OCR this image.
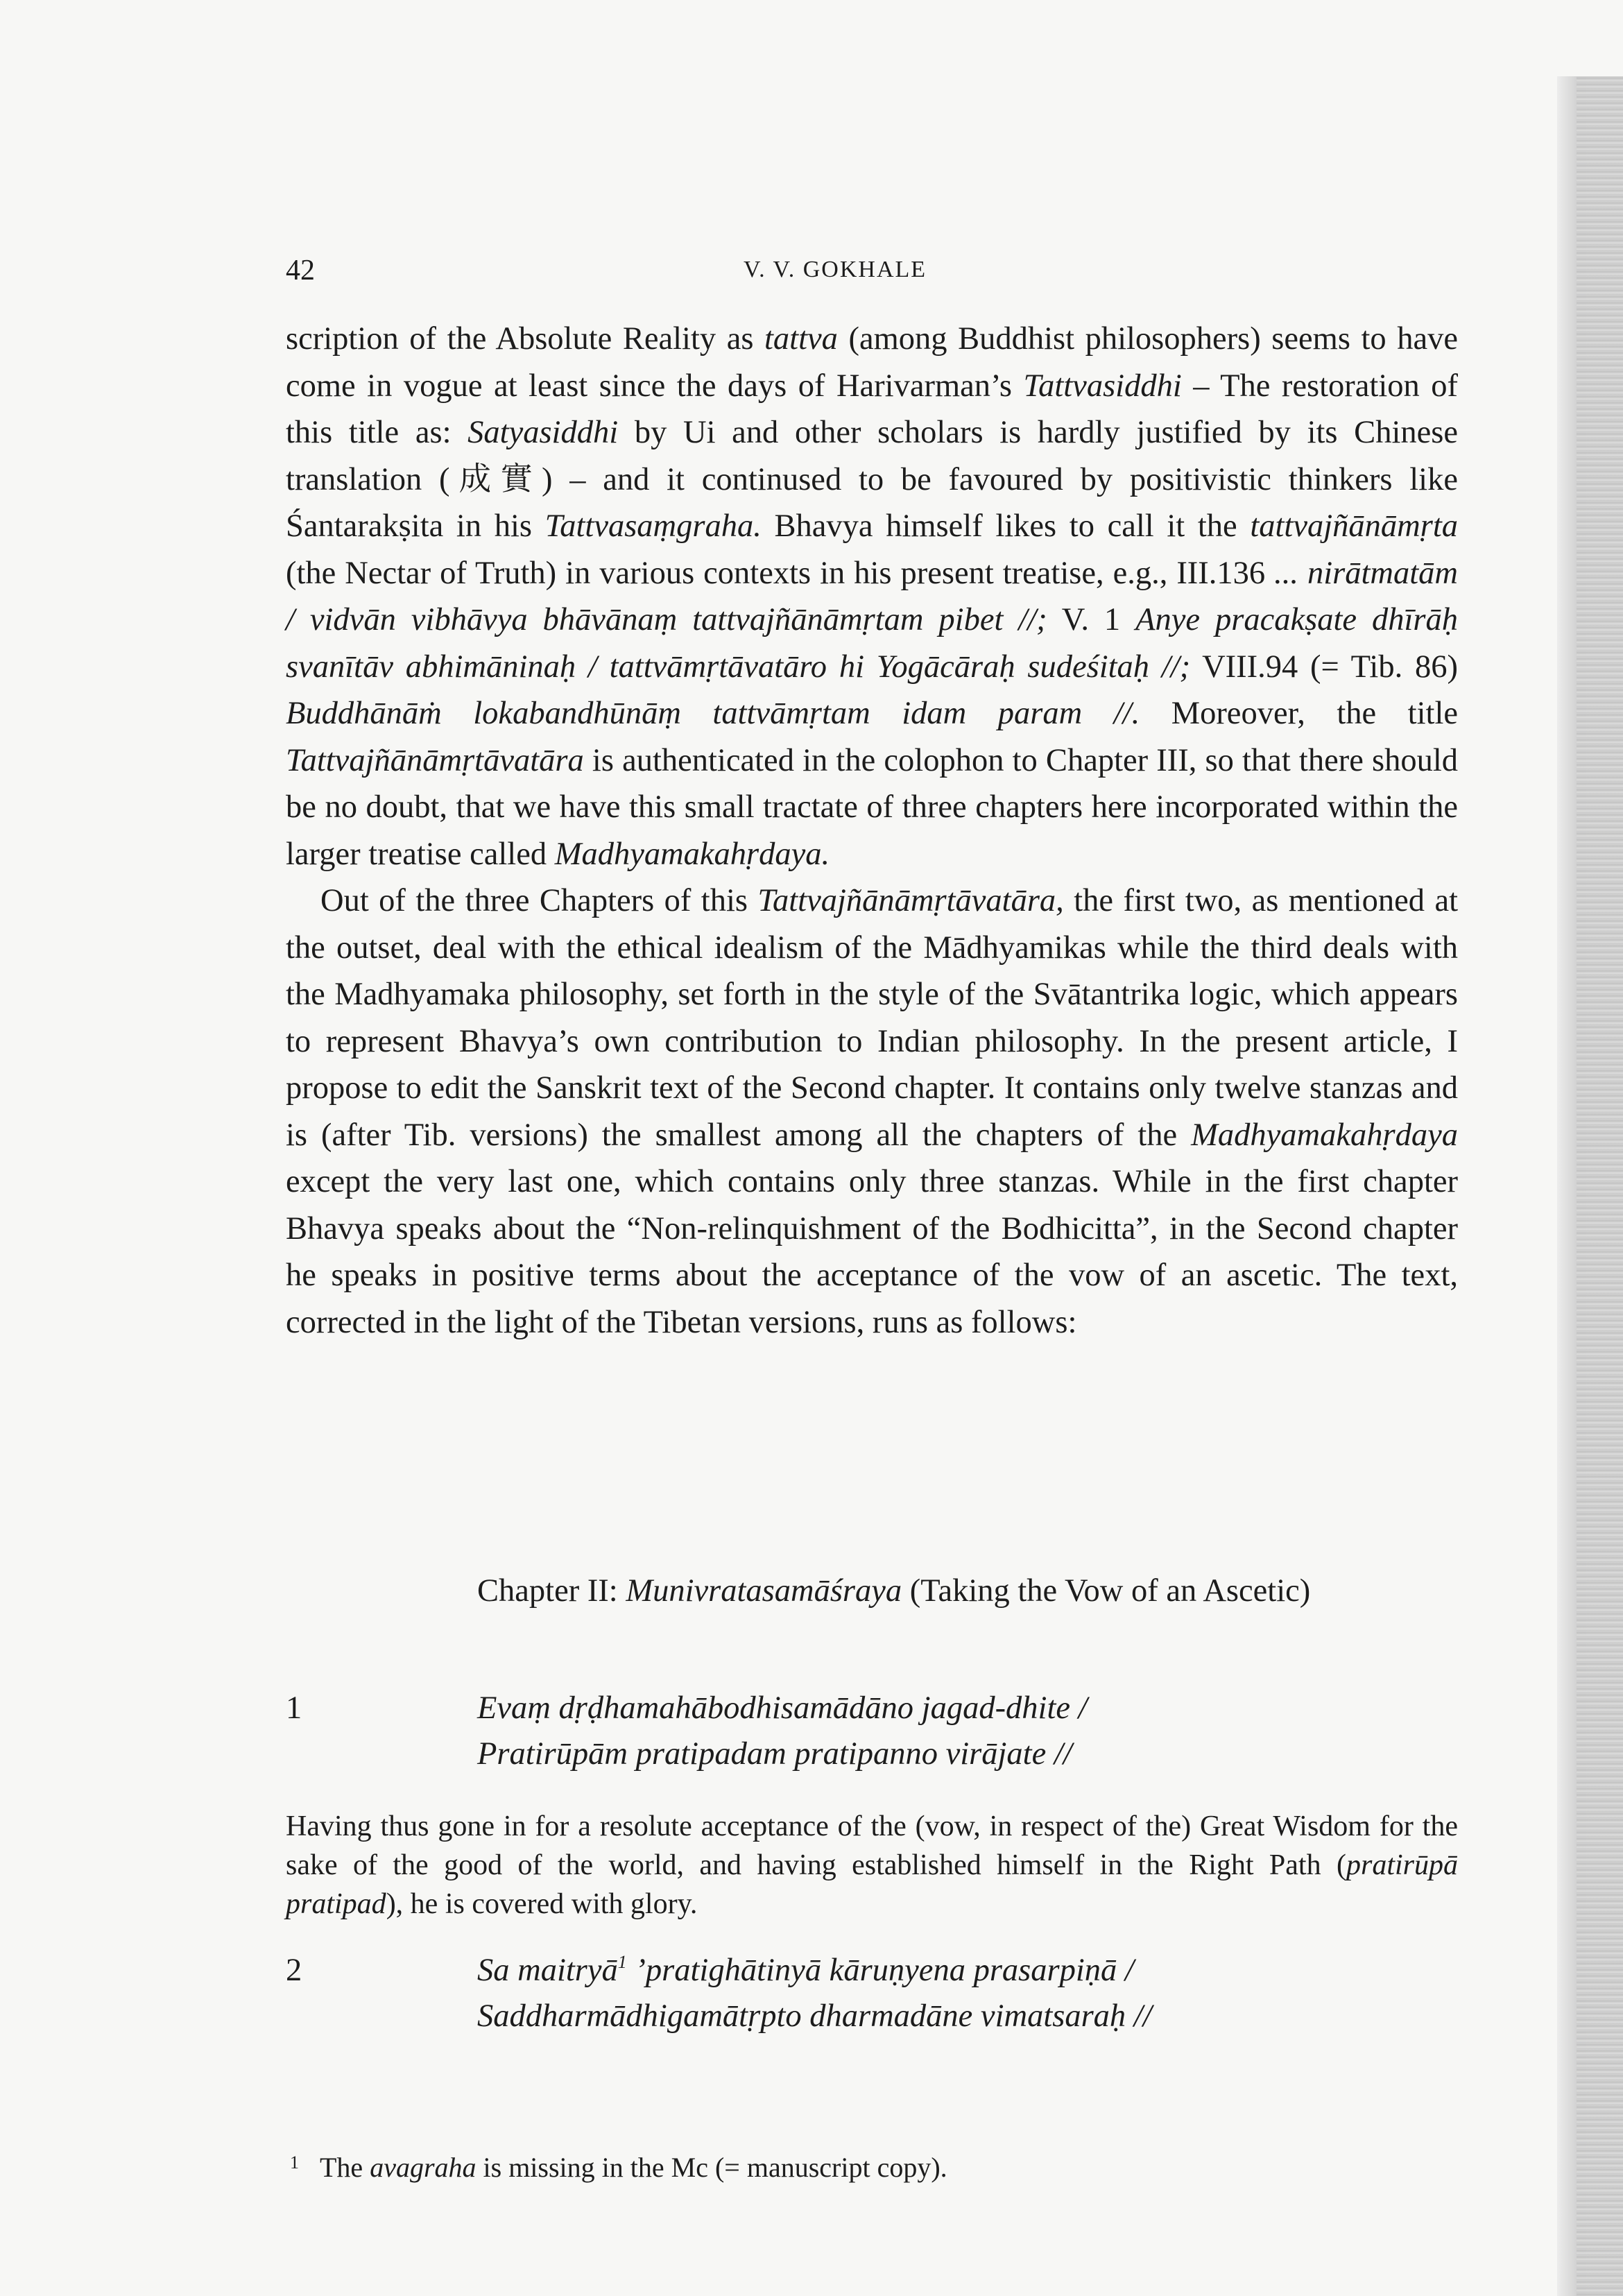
42	V. V. GOKHALE

scription of the Absolute Reality as tattva (among Buddhist philosophers) seems to have come in vogue at least since the days of Harivarman’s Tattvasiddhi – The restoration of this title as: Satyasiddhi by Ui and other scholars is hardly justified by its Chinese translation (成實) – and it continused to be favoured by positivistic thinkers like Śantarakṣita in his Tattvasaṃgraha. Bhavya himself likes to call it the tattvajñānāmṛta (the Nectar of Truth) in various contexts in his present treatise, e.g., III.136 ... nirātmatām / vidvān vibhāvya bhāvānaṃ tattvajñānāmṛtam pibet //; V. 1 Anye pracakṣate dhīrāḥ svanītāv abhimāninaḥ / tattvāmṛtāvatāro hi Yogācāraḥ sudeśitaḥ //; VIII.94 (= Tib. 86) Buddhānāṁ lokabandhūnāṃ tattvāmṛtam idam param //. Moreover, the title Tattvajñānāmṛtāvatāra is authenticated in the colophon to Chapter III, so that there should be no doubt, that we have this small tractate of three chapters here incorporated within the larger treatise called Madhyamakahṛdaya.

Out of the three Chapters of this Tattvajñānāmṛtāvatāra, the first two, as mentioned at the outset, deal with the ethical idealism of the Mādhyamikas while the third deals with the Madhyamaka philosophy, set forth in the style of the Svātantrika logic, which appears to represent Bhavya’s own contribution to Indian philosophy. In the present article, I propose to edit the Sanskrit text of the Second chapter. It contains only twelve stanzas and is (after Tib. versions) the smallest among all the chapters of the Madhyamakahṛdaya except the very last one, which contains only three stanzas. While in the first chapter Bhavya speaks about the “Non-relinquishment of the Bodhicitta”, in the Second chapter he speaks in positive terms about the acceptance of the vow of an ascetic. The text, corrected in the light of the Tibetan versions, runs as follows:

Chapter II: Munivratasamāśraya (Taking the Vow of an Ascetic)
1	Evaṃ dṛḍhamahābodhisamādāno jagad-dhite /
Pratirūpām pratipadam pratipanno virājate //

Having thus gone in for a resolute acceptance of the (vow, in respect of the) Great Wisdom for the sake of the good of the world, and having established himself in the Right Path (pratirūpā pratipad), he is covered with glory.

2	Sa maitryā$^1$ ’pratighātinyā kāruṇyena prasarpiṇā /
Saddharmādhigamātṛpto dharmadāne vimatsaraḥ //
$^1$ The avagraha is missing in the Mc (= manuscript copy).
